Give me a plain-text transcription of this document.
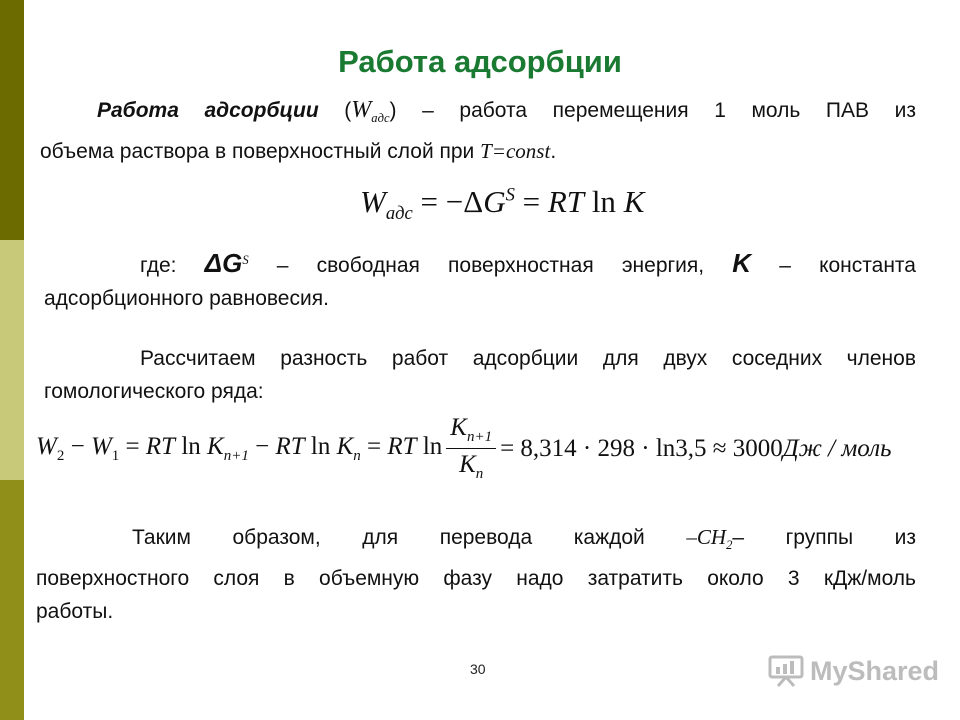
Работа адсорбции
Работа адсорбции $(W_{адс})$ – работа перемещения 1 моль ПАВ из
объема раствора в поверхностный слой при T=const.
$W_{адс} = -\Delta G^S$ = RT ln K
где: $\Delta G^S$ – свободная поверхностная энергия, K – константа
адсорбционного равновесия.
Рассчитаем разность работ адсорбции для двух соседних членов
гомологического ряда:
$W_2 - W_1$ = RT $\ln K_{n+1}$ − RT $\ln K_n$ = RT $\ln \frac{K_{n+1}}{K_n} = 8,314 \cdot 298 \cdot \ln 3,5 \approx 3000Дж$ / моль
Таким образом, для перевода каждой $-CH_2-$ группы из
поверхностного слоя в объемную фазу надо затратить около 3 кДж/моль
работы.
30	MyShared
